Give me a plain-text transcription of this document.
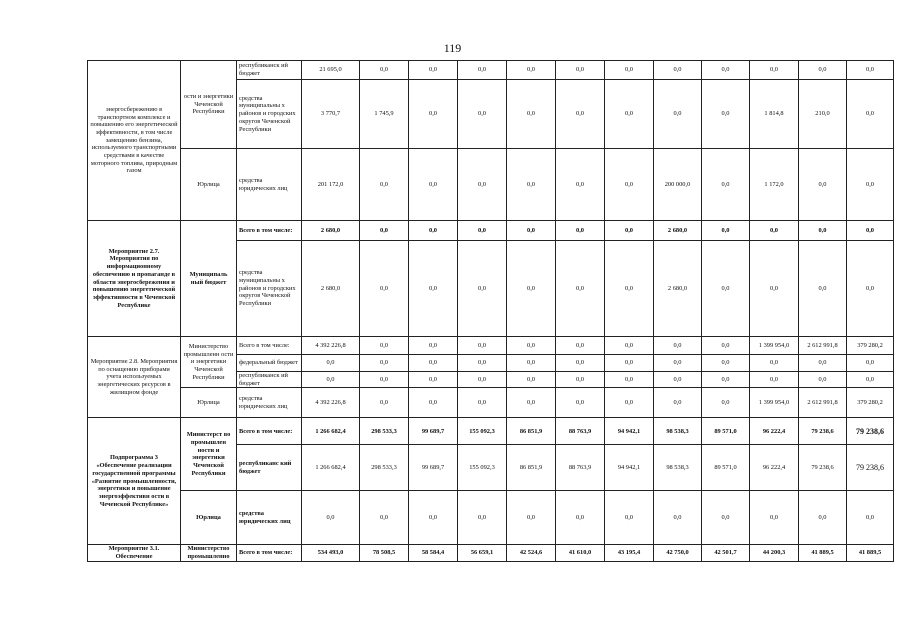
119
энергосбережению в транспортном комплексе и повышению его энергетической эффективности, в том числе замещению бензина, используемого транспортными средствами в качестве моторного топлива, природным газом	ости и энергетики Чеченской Республики	республиканск ий бюджет	21 695,0	0,0	0,0	0,0	0,0	0,0	0,0	0,0	0,0	0,0	0,0	0,0
		средства муниципальны х районов и городских округов Чеченской Республики	3 770,7	1 745,9	0,0	0,0	0,0	0,0	0,0	0,0	0,0	1 814,8	210,0	0,0
	Юрлица	средства юридических лиц	201 172,0	0,0	0,0	0,0	0,0	0,0	0,0	200 000,0	0,0	1 172,0	0,0	0,0
Мероприятие 2.7. Мероприятия по информационному обеспечению и пропаганде в области энергосбережения и повышению энергетической эффективности в Чеченской Республике	Муниципаль ный бюджет	Всего в том числе:	2 680,0	0,0	0,0	0,0	0,0	0,0	0,0	2 680,0	0,0	0,0	0,0	0,0
		средства муниципальны х районов и городских округов Чеченской Республики	2 680,0	0,0	0,0	0,0	0,0	0,0	0,0	2 680,0	0,0	0,0	0,0	0,0
Мероприятие 2.8. Мероприятия по оснащению приборами учета используемых энергетических ресурсов в жилищном фонде	Министерство промышленн ости и энергетики Чеченской Республики	Всего в том числе:	4 392 226,8	0,0	0,0	0,0	0,0	0,0	0,0	0,0	0,0	1 399 954,0	2 612 991,8	379 280,2
		федеральный бюджет	0,0	0,0	0,0	0,0	0,0	0,0	0,0	0,0	0,0	0,0	0,0	0,0
		республиканск ий бюджет	0,0	0,0	0,0	0,0	0,0	0,0	0,0	0,0	0,0	0,0	0,0	0,0
	Юрлица	средства юридических лиц	4 392 226,8	0,0	0,0	0,0	0,0	0,0	0,0	0,0	0,0	1 399 954,0	2 612 991,8	379 280,2
Подпрограмма 3 «Обеспечение реализации государственной программы «Развитие промышленности, энергетики и повышение энергоэффективн ости в Чеченской Республике»	Министерст во промышлен ности и энергетики Чеченской Республики	Всего в том числе:	1 266 682,4	298 533,3	99 689,7	155 092,3	86 851,9	88 763,9	94 942,1	98 538,3	89 571,0	96 222,4	79 238,6	79 238,6
		республиканс кий бюджет	1 266 682,4	298 533,3	99 689,7	155 092,3	86 851,9	88 763,9	94 942,1	98 538,3	89 571,0	96 222,4	79 238,6	79 238,6
	Юрлица	средства юридических лиц	0,0	0,0	0,0	0,0	0,0	0,0	0,0	0,0	0,0	0,0	0,0	0,0
Мероприятие 3.1. Обеспечение	Министерство промышленно	Всего в том числе:	534 493,0	78 508,5	58 584,4	56 659,1	42 524,6	41 610,0	43 195,4	42 750,0	42 501,7	44 200,3	41 889,5	41 889,5
